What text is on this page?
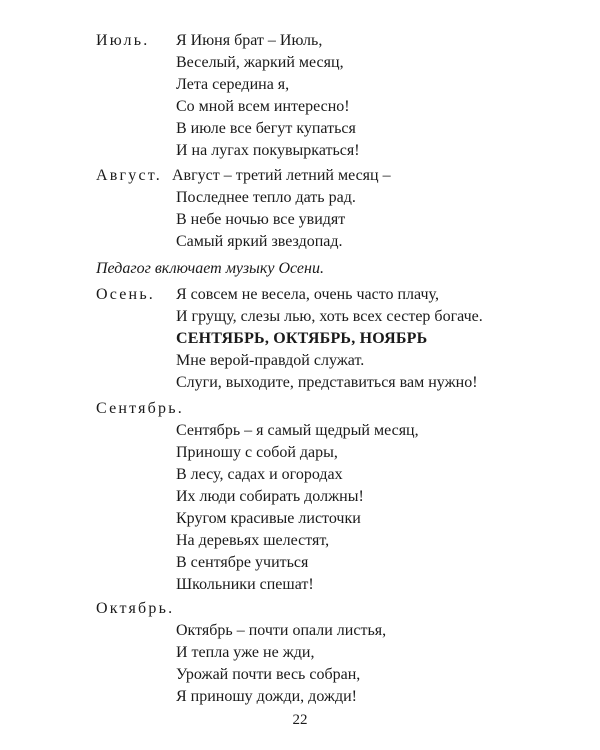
Июль. Я Июня брат – Июль,
Веселый, жаркий месяц,
Лета середина я,
Со мной всем интересно!
В июле все бегут купаться
И на лугах покувыркаться!
Август. Август – третий летний месяц –
Последнее тепло дать рад.
В небе ночью все увидят
Самый яркий звездопад.
Педагог включает музыку Осени.
Осень. Я совсем не весела, очень часто плачу,
И грущу, слезы лью, хоть всех сестер богаче.
СЕНТЯБРЬ, ОКТЯБРЬ, НОЯБРЬ
Мне верой-правдой служат.
Слуги, выходите, представиться вам нужно!
Сентябрь.
Сентябрь – я самый щедрый месяц,
Приношу с собой дары,
В лесу, садах и огородах
Их люди собирать должны!
Кругом красивые листочки
На деревьях шелестят,
В сентябре учиться
Школьники спешат!
Октябрь.
Октябрь – почти опали листья,
И тепла уже не жди,
Урожай почти весь собран,
Я приношу дожди, дожди!
22
